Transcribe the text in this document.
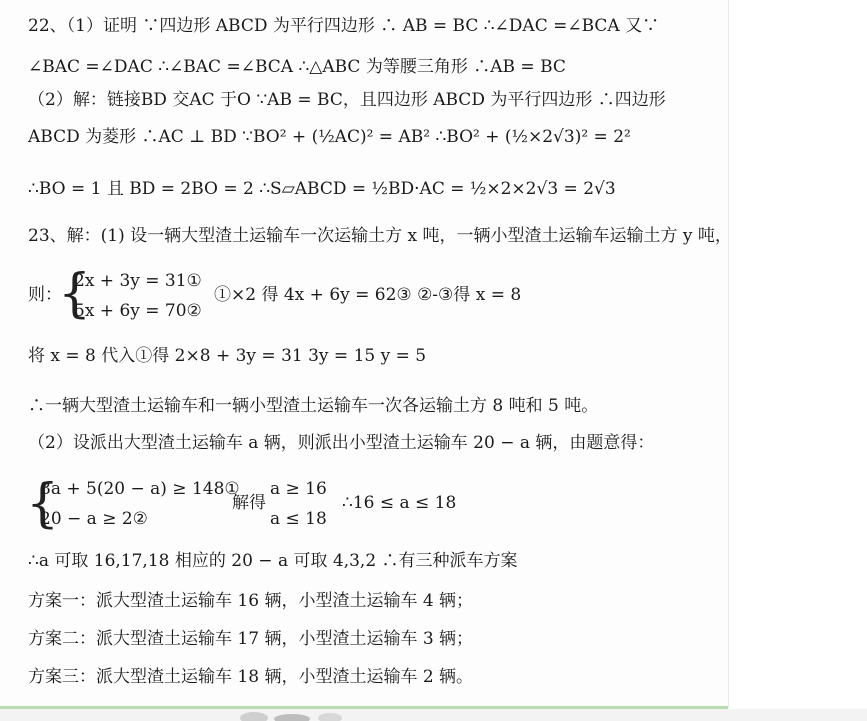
22、（1）证明 ∵四边形 ABCD 为平行四边形 ∴ AB = BC ∴∠DAC =∠BCA 又∵
∠BAC =∠DAC ∴∠BAC =∠BCA ∴△ABC 为等腰三角形 ∴AB = BC
（2）解：链接BD 交AC 于O ∵AB = BC，且四边形 ABCD 为平行四边形 ∴四边形
ABCD 为菱形 ∴AC ⊥ BD ∵BO² + (½AC)² = AB² ∴BO² + (½×2√3)² = 2²
∴BO = 1 且 BD = 2BO = 2 ∴S▱ABCD = ½BD·AC = ½×2×2√3 = 2√3
23、解：(1) 设一辆大型渣土运输车一次运输土方 x 吨，一辆小型渣土运输车运输土方 y 吨，
则：
{
2x + 3y = 31①
5x + 6y = 70②
①×2 得 4x + 6y = 62③ ②-③得 x = 8
将 x = 8 代入①得 2×8 + 3y = 31 3y = 15 y = 5
∴一辆大型渣土运输车和一辆小型渣土运输车一次各运输土方 8 吨和 5 吨。
（2）设派出大型渣土运输车 a 辆，则派出小型渣土运输车 20 − a 辆，由题意得：
{
8a + 5(20 − a) ≥ 148①
20 − a ≥ 2②
解得
a ≥ 16
a ≤ 18
∴16 ≤ a ≤ 18
∴a 可取 16,17,18 相应的 20 − a 可取 4,3,2 ∴有三种派车方案
方案一：派大型渣土运输车 16 辆，小型渣土运输车 4 辆；
方案二：派大型渣土运输车 17 辆，小型渣土运输车 3 辆；
方案三：派大型渣土运输车 18 辆，小型渣土运输车 2 辆。
